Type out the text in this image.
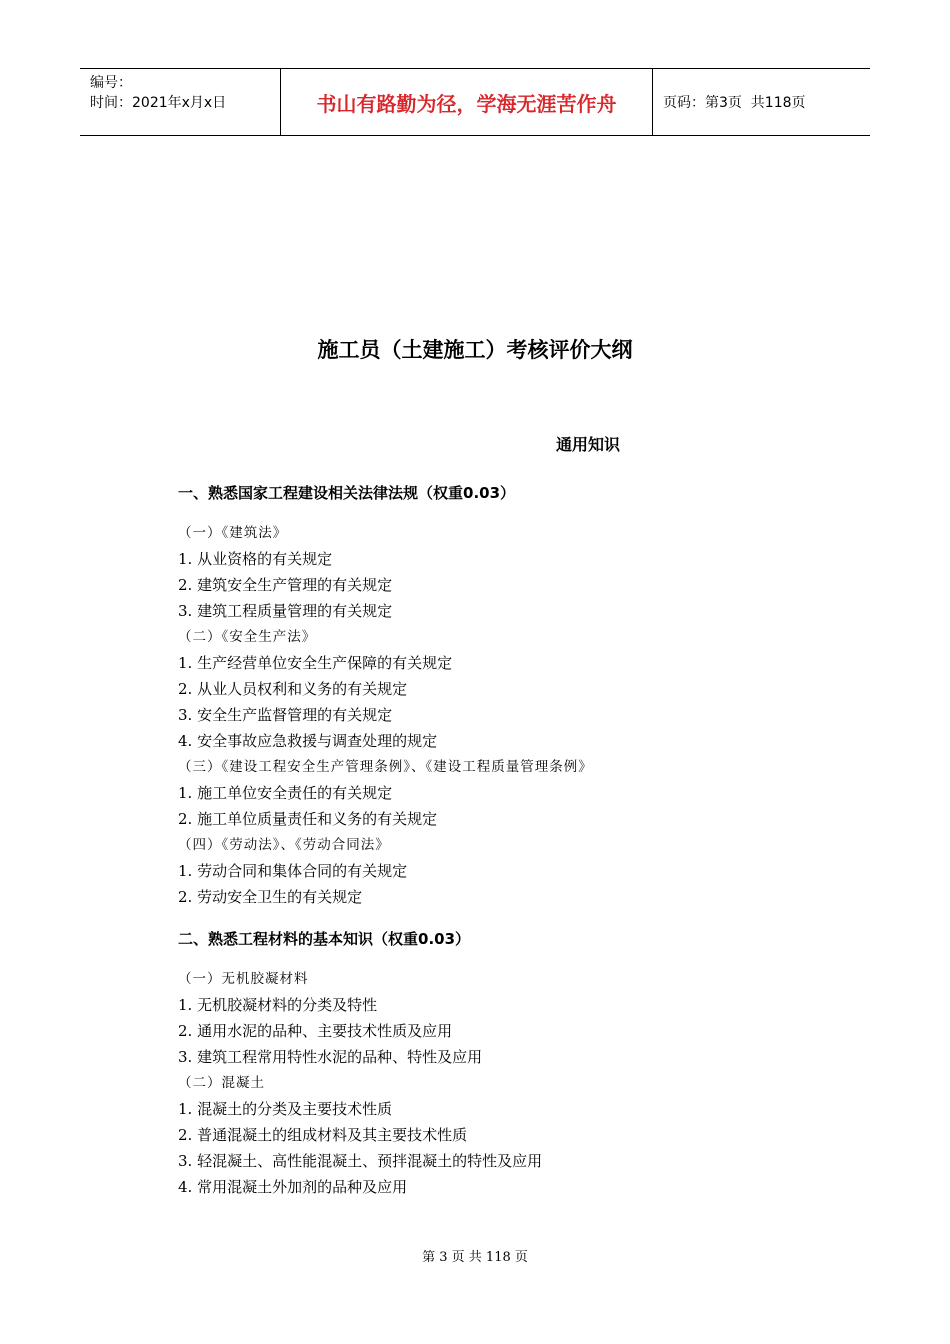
编号：
时间：2021年x月x日	书山有路勤为径，学海无涯苦作舟	页码：第3页  共118页
施工员（土建施工）考核评价大纲
通用知识
一、熟悉国家工程建设相关法律法规（权重0.03）
（一）《建筑法》
1. 从业资格的有关规定
2. 建筑安全生产管理的有关规定
3. 建筑工程质量管理的有关规定
（二）《安全生产法》
1. 生产经营单位安全生产保障的有关规定
2. 从业人员权利和义务的有关规定
3. 安全生产监督管理的有关规定
4. 安全事故应急救援与调查处理的规定
（三）《建设工程安全生产管理条例》、《建设工程质量管理条例》
1. 施工单位安全责任的有关规定
2. 施工单位质量责任和义务的有关规定
（四）《劳动法》、《劳动合同法》
1. 劳动合同和集体合同的有关规定
2. 劳动安全卫生的有关规定
二、熟悉工程材料的基本知识（权重0.03）
（一）无机胶凝材料
1. 无机胶凝材料的分类及特性
2. 通用水泥的品种、主要技术性质及应用
3. 建筑工程常用特性水泥的品种、特性及应用
（二）混凝土
1. 混凝土的分类及主要技术性质
2. 普通混凝土的组成材料及其主要技术性质
3. 轻混凝土、高性能混凝土、预拌混凝土的特性及应用
4. 常用混凝土外加剂的品种及应用
第 3 页 共 118 页
